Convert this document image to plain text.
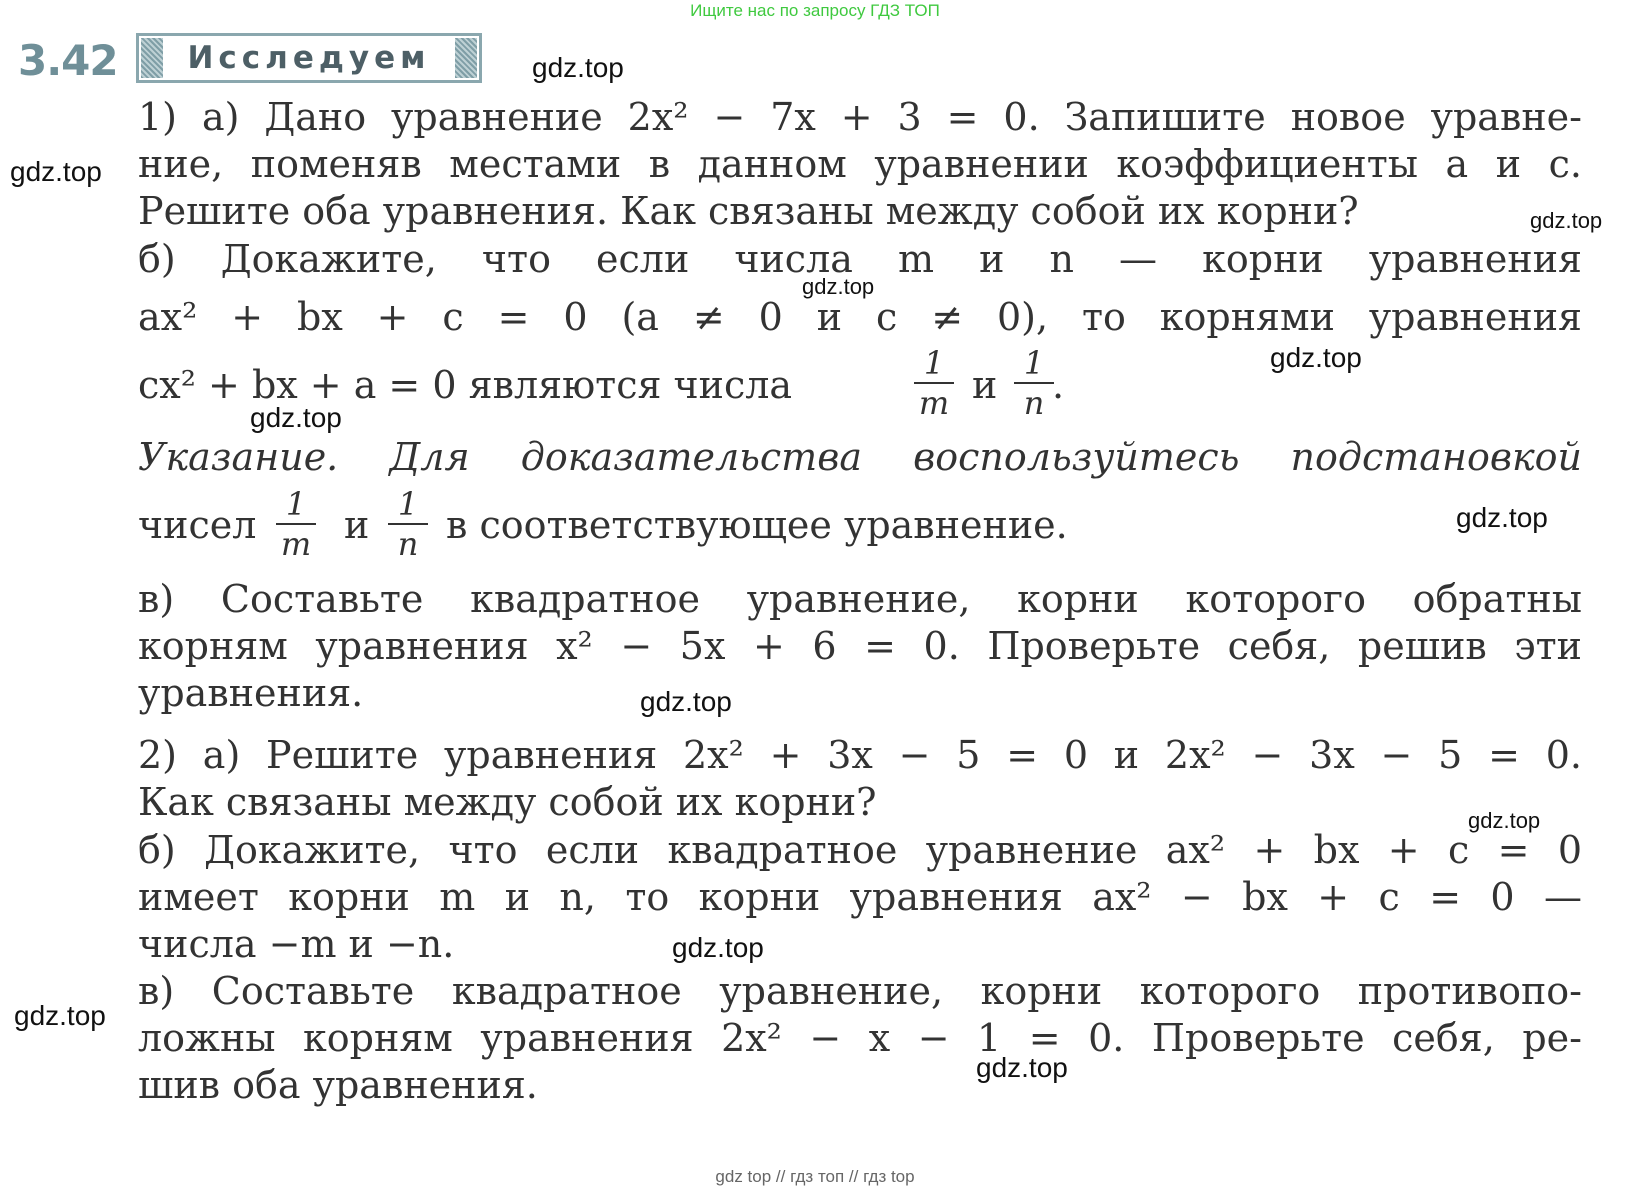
Ищите нас по запросу ГДЗ ТОП
3.42	Исследуем
1) а) Дано уравнение 2x² − 7x + 3 = 0. Запишите новое уравне-
ние, поменяв местами в данном уравнении коэффициенты a и c.
Решите оба уравнения. Как связаны между собой их корни?
б) Докажите, что если числа m и n — корни уравнения
ax² + bx + c = 0 (a ≠ 0 и c ≠ 0), то корнями уравнения
cx² + bx + a = 0 являются числа	1
m и 1
n .
Указание. Для доказательства воспользуйтесь подстановкой
чисел 1
m и 1
n в соответствующее уравнение.
в) Составьте квадратное уравнение, корни которого обратны
корням уравнения x² − 5x + 6 = 0. Проверьте себя, решив эти
уравнения.
2) а) Решите уравнения 2x² + 3x − 5 = 0 и 2x² − 3x − 5 = 0.
Как связаны между собой их корни?
б) Докажите, что если квадратное уравнение ax² + bx + c = 0
имеет корни m и n, то корни уравнения ax² − bx + c = 0 —
числа −m и −n.
в) Составьте квадратное уравнение, корни которого противопо-
ложны корням уравнения 2x² − x − 1 = 0. Проверьте себя, ре-
шив оба уравнения.
gdz.top
gdz.top
gdz.top
gdz.top
gdz.top
gdz.top
gdz.top
gdz.top
gdz.top
gdz.top
gdz.top
gdz.top
gdz top // гдз топ // гдз top
